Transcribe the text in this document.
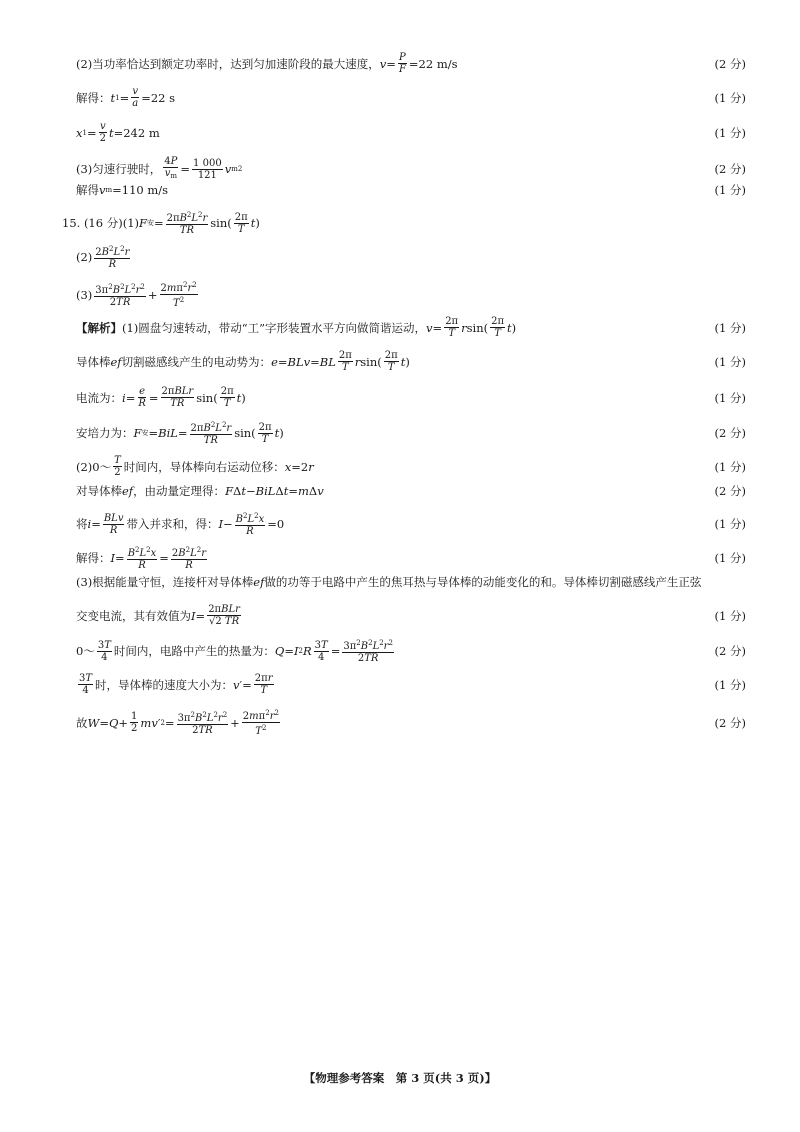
(2)当功率恰达到额定功率时，达到匀加速阶段的最大速度， $v = \frac{P}{F} =22$ m/s	(2 分)
解得： t $1 = \frac{v}{a} =22$ s	(1 分)
x $1 = \frac{v}{2}$ t =242 m	(1 分)
(3)匀速行驶时， $\frac{4P}{v_m} = \frac{1 000}{121}$ v m 2	(2 分)
解得 v m =110 m/s	(1 分)
15. (16 分)(1) F 安 = $\frac{2\pi B^2L^2r}{TR} \sin( \frac{2\pi}{T}$ t )
$(2) \frac{2B^2L^2r}{R}$
$(3) \frac{3\pi^2B^2L^2r^2}{2TR} + \frac{2m\pi^2r^2}{T^2}$
【解析】 (1)圆盘匀速转动，带动“工”字形装置水平方向做简谐运动， $v = \frac{2\pi}{T}$ r $\sin( \frac{2\pi}{T}$ t )	(1 分)
导体棒 ef 切割磁感线产生的电动势为： e = BLv = BL $\frac{2\pi}{T}$ r $\sin( \frac{2\pi}{T}$ t )	(1 分)
电流为： $i = \frac{e}{R} = \frac{\text{2πBLr}}{TR} \sin( \frac{2\pi}{T}$ t )	(1 分)
安培力为： F 安 = BiL = $\frac{2\pi B^2L^2r}{TR} \sin( \frac{2\pi}{T}$ t )	(2 分)
(2)0～ $\frac{T}{2}$ 时间内，导体棒向右运动位移： x =2 r	(1 分)
对导体棒 ef ，由动量定理得： F Δ t − BiL Δ t = m Δ v	(2 分)
将 $i = \frac{\text{BLv}}{R}$ 带入并求和，得： $I - \frac{B^2L^2x}{R} =0$	(1 分)
解得： $I = \frac{B^2L^2x}{R} = \frac{2B^2L^2r}{R}$	(1 分)
(3)根据能量守恒，连接杆对导体棒 ef 做的功等于电路中产生的焦耳热与导体棒的动能变化的和。导体棒切割磁感线产生正弦
交变电流，其有效值为 $I = \frac{\text{2πBLr}}{√2 TR}$	(1 分)
0～ $\frac{3T}{4}$ 时间内，电路中产生的热量为： Q = I 2 R $\frac{3T}{4} = \frac{3\pi^2B^2L^2r^2}{2TR}$	(2 分)
$\frac{3T}{4}$ 时，导体棒的速度大小为： v ′= $\frac{2\pi r}{T}$	(1 分)
故 $W = Q + \frac{1}{2}$ mv ′ $2 = \frac{3\pi^2B^2L^2r^2}{2TR} + \frac{2m\pi^2r^2}{T^2}$	(2 分)
【物理参考答案　第 3 页(共 3 页)】
